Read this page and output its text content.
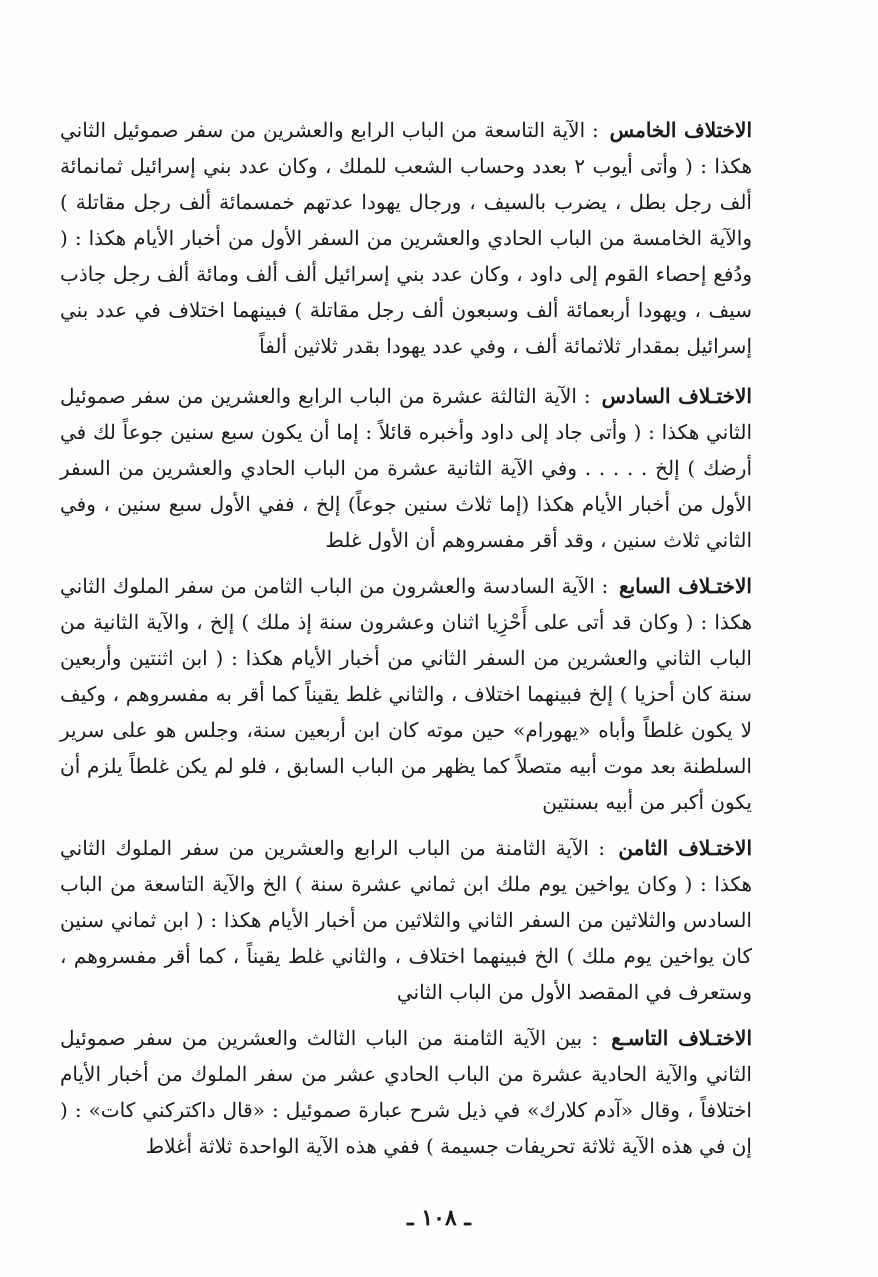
الاختلاف الخامس : الآية التاسعة من الباب الرابع والعشرين من سفر صموئيل الثاني هكذا : ( وأتى أيوب ٢ بعدد وحساب الشعب للملك ، وكان عدد بني إسرائيل ثمانمائة ألف رجل بطل ، يضرب بالسيف ، ورجال يهودا عدتهم خمسمائة ألف رجل مقاتلة ) والآية الخامسة من الباب الحادي والعشرين من السفر الأول من أخبار الأيام هكذا : ( ودُفع إحصاء القوم إلى داود ، وكان عدد بني إسرائيل ألف ألف ومائة ألف رجل جاذب سيف ، ويهودا أربعمائة ألف وسبعون ألف رجل مقاتلة ) فبينهما اختلاف في عدد بني إسرائيل بمقدار ثلاثمائة ألف ، وفي عدد يهودا بقدر ثلاثين ألفاً

الاختـلاف السادس : الآية الثالثة عشرة من الباب الرابع والعشرين من سفر صموئيل الثاني هكذا : ( وأتى جاد إلى داود وأخبره قائلاً : إما أن يكون سبع سنين جوعاً لك في أرضك ) إلخ . . . . . وفي الآية الثانية عشرة من الباب الحادي والعشرين من السفر الأول من أخبار الأيام هكذا (إما ثلاث سنين جوعاً) إلخ ، ففي الأول سبع سنين ، وفي الثاني ثلاث سنين ، وقد أقر مفسروهم أن الأول غلط

الاختـلاف السابع : الآية السادسة والعشرون من الباب الثامن من سفر الملوك الثاني هكذا : ( وكان قد أتى على أَحْزِيا اثنان وعشرون سنة إذ ملك ) إلخ ، والآية الثانية من الباب الثاني والعشرين من السفر الثاني من أخبار الأيام هكذا : ( ابن اثنتين وأربعين سنة كان أحزيا ) إلخ فبينهما اختلاف ، والثاني غلط يقيناً كما أقر به مفسروهم ، وكيف لا يكون غلطاً وأباه «يهورام» حين موته كان ابن أربعين سنة، وجلس هو على سرير السلطنة بعد موت أبيه متصلاً كما يظهر من الباب السابق ، فلو لم يكن غلطاً يلزم أن يكون أكبر من أبيه بسنتين

الاختـلاف الثامن : الآية الثامنة من الباب الرابع والعشرين من سفر الملوك الثاني هكذا : ( وكان يواخين يوم ملك ابن ثماني عشرة سنة ) الخ والآية التاسعة من الباب السادس والثلاثين من السفر الثاني والثلاثين من أخبار الأيام هكذا : ( ابن ثماني سنين كان يواخين يوم ملك ) الخ فبينهما اختلاف ، والثاني غلط يقيناً ، كما أقر مفسروهم ، وستعرف في المقصد الأول من الباب الثاني

الاختـلاف التاسـع : بين الآية الثامنة من الباب الثالث والعشرين من سفر صموئيل الثاني والآية الحادية عشرة من الباب الحادي عشر من سفر الملوك من أخبار الأيام اختلافاً ، وقال «آدم كلارك» في ذيل شرح عبارة صموئيل : «قال داكتركني كات» : ( إن في هذه الآية ثلاثة تحريفات جسيمة ) ففي هذه الآية الواحدة ثلاثة أغلاط

ـ ١٠٨ ـ
